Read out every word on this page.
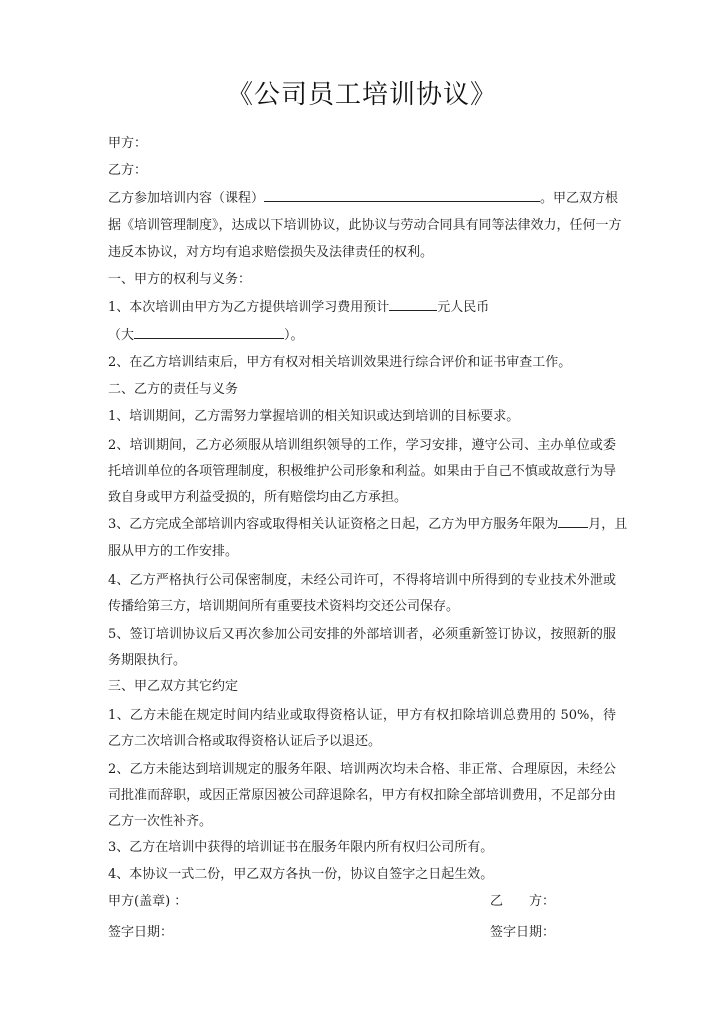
《公司员工培训协议》

甲方：

乙方：

乙方参加培训内容（课程）	。甲乙双方根

据《培训管理制度》，达成以下培训协议，此协议与劳动合同具有同等法律效力，任何一方

违反本协议，对方均有追求赔偿损失及法律责任的权利。

一、甲方的权利与义务：

1、本次培训由甲方为乙方提供培训学习费用预计	元人民币

（大	）。

2、在乙方培训结束后，甲方有权对相关培训效果进行综合评价和证书审查工作。

二、乙方的责任与义务

1、培训期间，乙方需努力掌握培训的相关知识或达到培训的目标要求。

2、培训期间，乙方必须服从培训组织领导的工作，学习安排，遵守公司、主办单位或委托培训单位的各项管理制度，积极维护公司形象和利益。如果由于自己不慎或故意行为导致自身或甲方利益受损的，所有赔偿均由乙方承担。

3、乙方完成全部培训内容或取得相关认证资格之日起，乙方为甲方服务年限为 月，且

服从甲方的工作安排。

4、乙方严格执行公司保密制度，未经公司许可，不得将培训中所得到的专业技术外泄或传播给第三方，培训期间所有重要技术资料均交还公司保存。

5、签订培训协议后又再次参加公司安排的外部培训者，必须重新签订协议，按照新的服务期限执行。

三、甲乙双方其它约定

1、乙方未能在规定时间内结业或取得资格认证，甲方有权扣除培训总费用的 50%，待乙方二次培训合格或取得资格认证后予以退还。

2、乙方未能达到培训规定的服务年限、培训两次均未合格、非正常、合理原因，未经公司批准而辞职，或因正常原因被公司辞退除名，甲方有权扣除全部培训费用，不足部分由乙方一次性补齐。

3、乙方在培训中获得的培训证书在服务年限内所有权归公司所有。

4、本协议一式二份，甲乙双方各执一份，协议自签字之日起生效。

甲方(盖章) ：	乙 方：
签字日期：	签字日期：
